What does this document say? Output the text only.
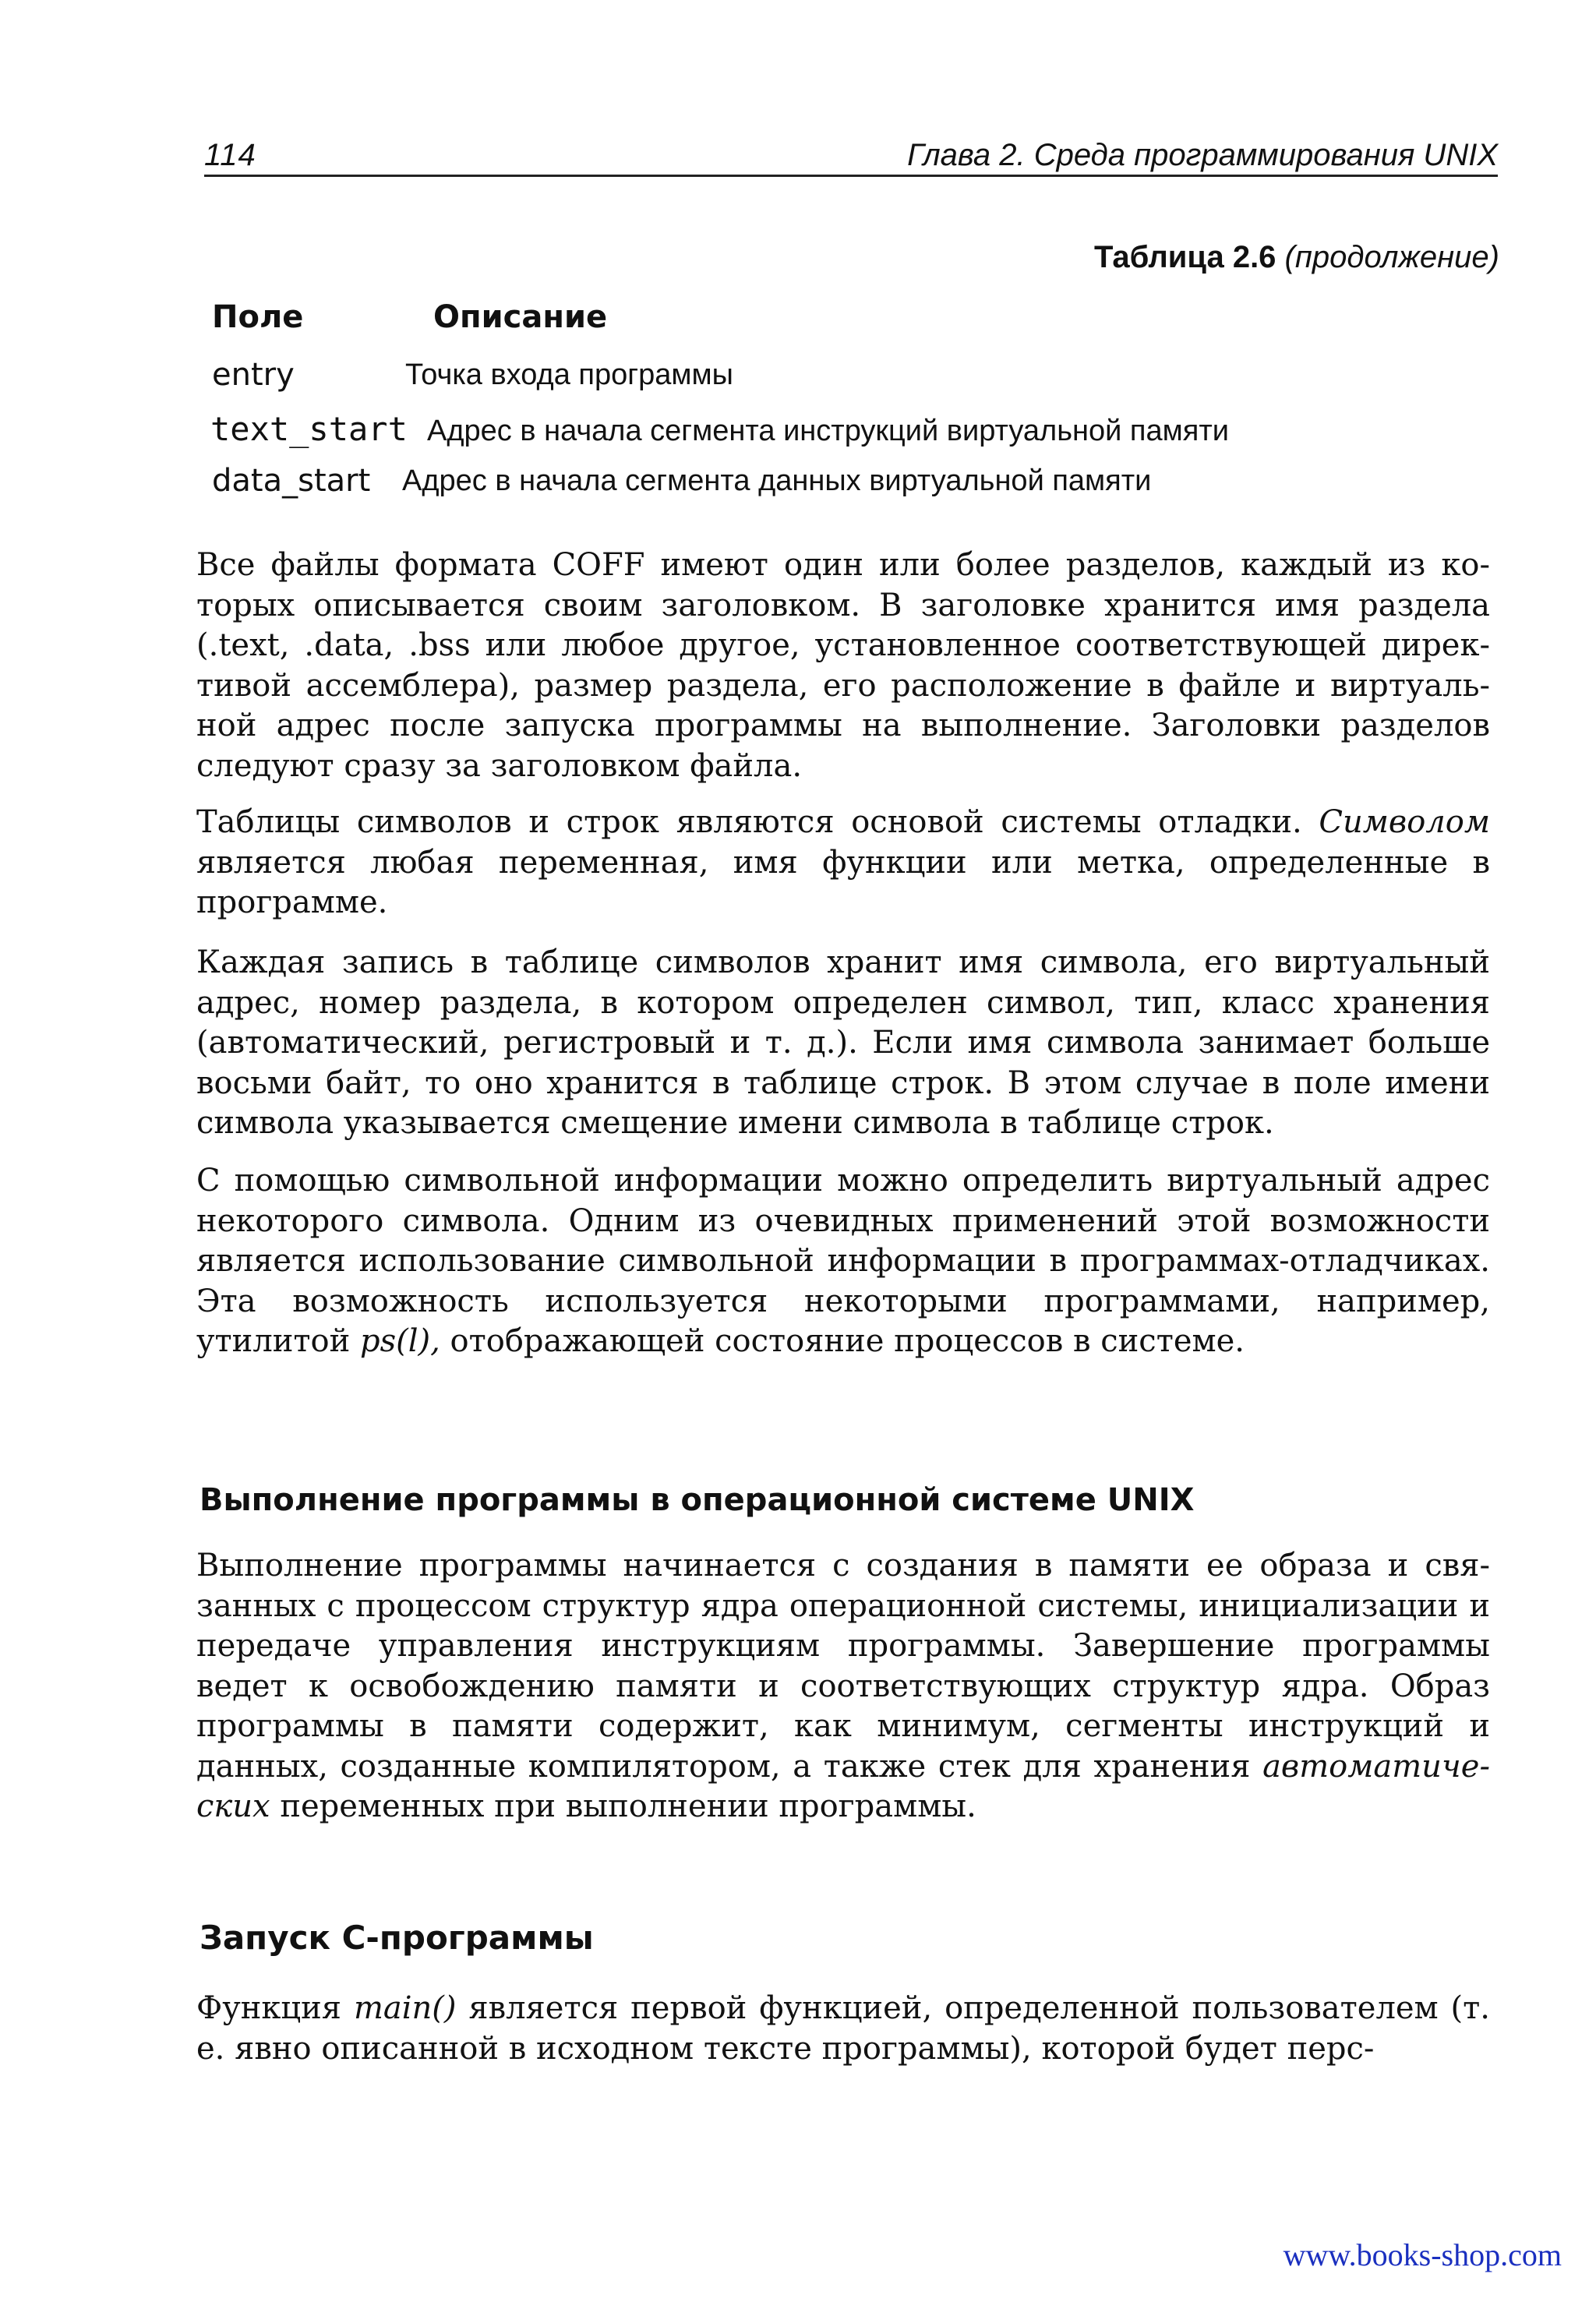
114	Глава 2. Среда программирования UNIX
Таблица 2.6 (продолжение)
Поле	Описание
entry	Точка входа программы
text_start Адрес в начала сегмента инструкций виртуальной памяти
data_start Адрес в начала сегмента данных виртуальной памяти

Все файлы формата COFF имеют один или более разделов, каждый из которых описывается своим заголовком. В заголовке хранится имя раздела (.text, .data, .bss или любое другое, установленное соответствующей директивой ассемблера), размер раздела, его расположение в файле и виртуальной адрес после запуска программы на выполнение. Заголовки разделов следуют сразу за заголовком файла.

Таблицы символов и строк являются основой системы отладки. Символом является любая переменная, имя функции или метка, определенные в программе.

Каждая запись в таблице символов хранит имя символа, его виртуальный адрес, номер раздела, в котором определен символ, тип, класс хранения (автоматический, регистровый и т. д.). Если имя символа занимает больше восьми байт, то оно хранится в таблице строк. В этом случае в поле имени символа указывается смещение имени символа в таблице строк.

С помощью символьной информации можно определить виртуальный адрес некоторого символа. Одним из очевидных применений этой возможности является использование символьной информации в программах-отладчиках. Эта возможность используется некоторыми программами, например, утилитой ps(l), отображающей состояние процессов в системе.

Выполнение программы в операционной системе UNIX

Выполнение программы начинается с создания в памяти ее образа и связанных с процессом структур ядра операционной системы, инициализации и передаче управления инструкциям программы. Завершение программы ведет к освобождению памяти и соответствующих структур ядра. Образ программы в памяти содержит, как минимум, сегменты инструкций и данных, созданные компилятором, а также стек для хранения автоматических переменных при выполнении программы.

Запуск С-программы

Функция main() является первой функцией, определенной пользователем (т. е. явно описанной в исходном тексте программы), которой будет перс-

www.books-shop.com
